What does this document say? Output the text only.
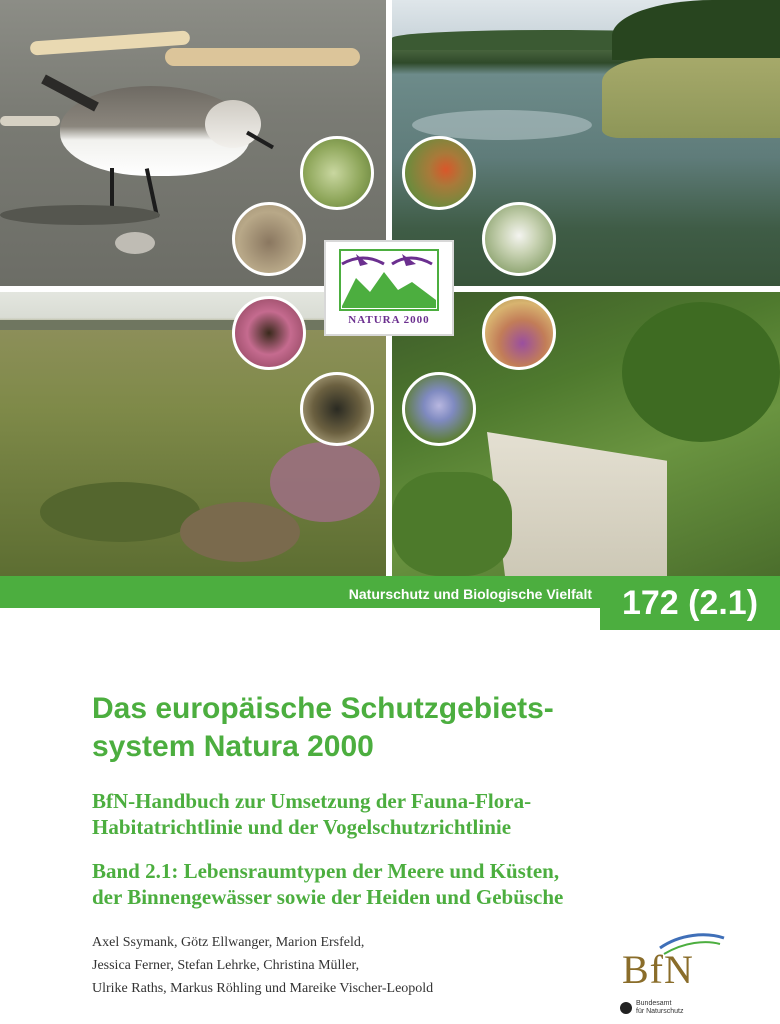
NATURA 2000
Naturschutz und Biologische Vielfalt 172 (2.1)
Das europäische Schutzgebiets-
system Natura 2000
BfN-Handbuch zur Umsetzung der Fauna-Flora-
Habitatrichtlinie und der Vogelschutzrichtlinie
Band 2.1: Lebensraumtypen der Meere und Küsten,
der Binnengewässer sowie der Heiden und Gebüsche
Axel Ssymank, Götz Ellwanger, Marion Ersfeld,
Jessica Ferner, Stefan Lehrke, Christina Müller,
Ulrike Raths, Markus Röhling und Mareike Vischer-Leopold	BfN
Bundesamt
für Naturschutz
